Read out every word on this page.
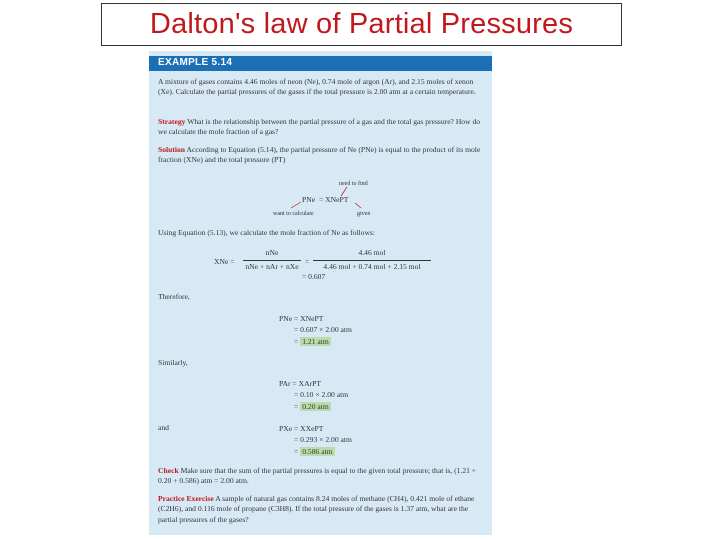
Dalton's law of Partial Pressures
EXAMPLE 5.14
A mixture of gases contains 4.46 moles of neon (Ne), 0.74 mole of argon (Ar), and 2.15 moles of xenon (Xe). Calculate the partial pressures of the gases if the total pressure is 2.00 atm at a certain temperature.
Strategy What is the relationship between the partial pressure of a gas and the total gas pressure? How do we calculate the mole fraction of a gas?
Solution According to Equation (5.14), the partial pressure of Ne (PNe) is equal to the product of its mole fraction (XNe) and the total pressure (PT)
need to find
want to calculate	given
PNe = XNePT
Using Equation (5.13), we calculate the mole fraction of Ne as follows:
XNe =
nNe
nNe + nAr + nXe
=
4.46 mol
4.46 mol + 0.74 mol + 2.15 mol
= 0.607
Therefore,
PNe = XNePT
= 0.607 × 2.00 atm
= 1.21 atm
Similarly,
PAr = XArPT
= 0.10 × 2.00 atm
= 0.20 atm
and	PXe = XXePT
= 0.293 × 2.00 atm
= 0.586 atm
Check Make sure that the sum of the partial pressures is equal to the given total pressure; that is, (1.21 + 0.20 + 0.586) atm = 2.00 atm.
Practice Exercise A sample of natural gas contains 8.24 moles of methane (CH4), 0.421 mole of ethane (C2H6), and 0.116 mole of propane (C3H8). If the total pressure of the gases is 1.37 atm, what are the partial pressures of the gases?
